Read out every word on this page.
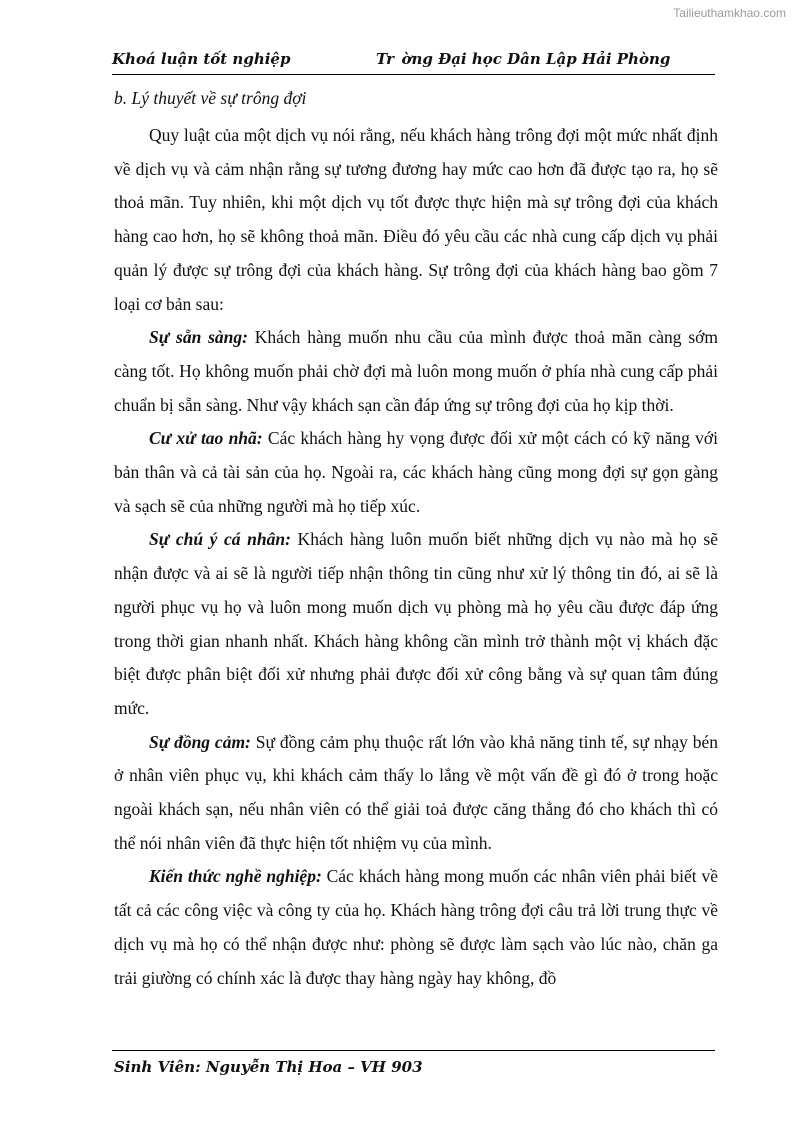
Tailieuthamkhao.com
Khoá luận tốt nghiệp	Tr ờng Đại học Dân Lập Hải Phòng

b. Lý thuyết về sự trông đợi

Quy luật của một dịch vụ nói rằng, nếu khách hàng trông đợi một mức nhất định về dịch vụ và cảm nhận rằng sự tương đương hay mức cao hơn đã được tạo ra, họ sẽ thoả mãn. Tuy nhiên, khi một dịch vụ tốt được thực hiện mà sự trông đợi của khách hàng cao hơn, họ sẽ không thoả mãn. Điều đó yêu cầu các nhà cung cấp dịch vụ phải quản lý được sự trông đợi của khách hàng. Sự trông đợi của khách hàng bao gồm 7 loại cơ bản sau:

Sự sẵn sàng: Khách hàng muốn nhu cầu của mình được thoả mãn càng sớm càng tốt. Họ không muốn phải chờ đợi mà luôn mong muốn ở phía nhà cung cấp phải chuẩn bị sẵn sàng. Như vậy khách sạn cần đáp ứng sự trông đợi của họ kịp thời.

Cư xử tao nhã: Các khách hàng hy vọng được đối xử một cách có kỹ năng với bản thân và cả tài sản của họ. Ngoài ra, các khách hàng cũng mong đợi sự gọn gàng và sạch sẽ của những người mà họ tiếp xúc.

Sự chú ý cá nhân: Khách hàng luôn muốn biết những dịch vụ nào mà họ sẽ nhận được và ai sẽ là người tiếp nhận thông tin cũng như xử lý thông tin đó, ai sẽ là người phục vụ họ và luôn mong muốn dịch vụ phòng mà họ yêu cầu được đáp ứng trong thời gian nhanh nhất. Khách hàng không cần mình trở thành một vị khách đặc biệt được phân biệt đối xử nhưng phải được đối xử công bằng và sự quan tâm đúng mức.

Sự đồng cảm: Sự đồng cảm phụ thuộc rất lớn vào khả năng tinh tế, sự nhạy bén ở nhân viên phục vụ, khi khách cảm thấy lo lắng về một vấn đề gì đó ở trong hoặc ngoài khách sạn, nếu nhân viên có thể giải toả được căng thẳng đó cho khách thì có thể nói nhân viên đã thực hiện tốt nhiệm vụ của mình.

Kiến thức nghề nghiệp: Các khách hàng mong muốn các nhân viên phải biết về tất cả các công việc và công ty của họ. Khách hàng trông đợi câu trả lời trung thực về dịch vụ mà họ có thể nhận được như: phòng sẽ được làm sạch vào lúc nào, chăn ga trải giường có chính xác là được thay hàng ngày hay không, đồ

Sinh Viên: Nguyễn Thị Hoa – VH 903
